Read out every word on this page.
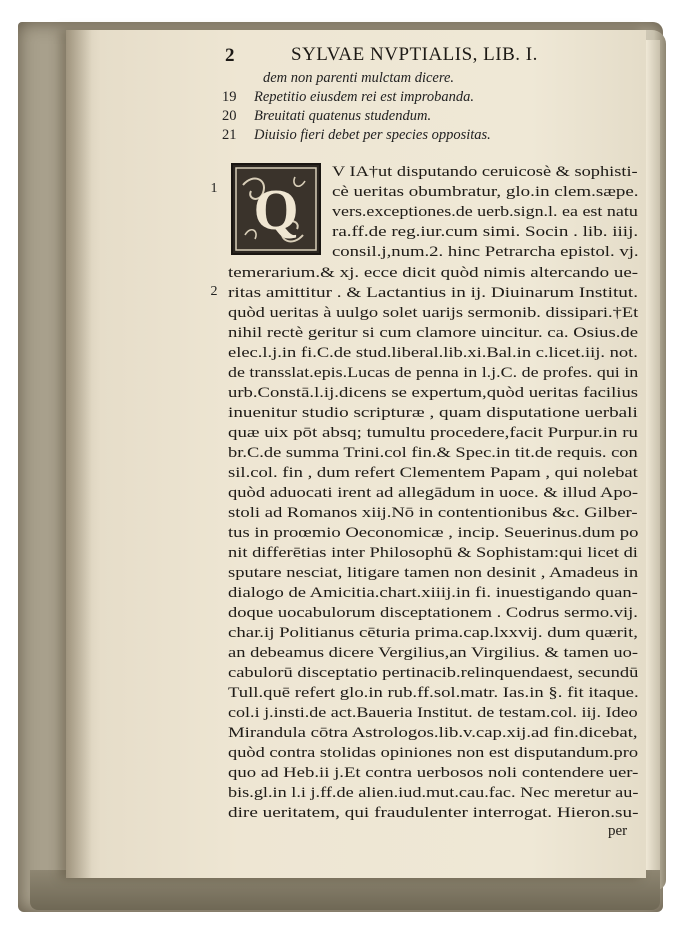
2	SYLVAE NVPTIALIS, LIB. I.
dem non parenti mulctam dicere.
19 Repetitio eiusdem rei est improbanda.
20 Breuitati quatenus studendum.
21 Diuisio fieri debet per species oppositas.
Q
1
2
V IA†ut disputando ceruicosè & sophisti-
cè ueritas obumbratur, glo.in clem.sæpe.
vers.exceptiones.de uerb.sign.l. ea est natu
ra.ff.de reg.iur.cum simi. Socin . lib. iiij.
consil.j,num.2. hinc Petrarcha epistol. vj.
temerarium.& xj. ecce dicit quòd nimis altercando ue-
ritas amittitur . & Lactantius in ij. Diuinarum Institut.
quòd ueritas à uulgo solet uarijs sermonib. dissipari.†Et
nihil rectè geritur si cum clamore uincitur. ca. Osius.de
elec.l.j.in fi.C.de stud.liberal.lib.xi.Bal.in c.licet.iij. not.
de transslat.epis.Lucas de penna in l.j.C. de profes. qui in
urb.Constā.l.ij.dicens se expertum,quòd ueritas facilius
inuenitur studio scripturæ , quam disputatione uerbali
quæ uix pōt absq; tumultu procedere,facit Purpur.in ru
br.C.de summa Trini.col fin.& Spec.in tit.de requis. con
sil.col. fin , dum refert Clementem Papam , qui nolebat
quòd aduocati irent ad allegādum in uoce. & illud Apo-
stoli ad Romanos xiij.Nō in contentionibus &c. Gilber-
tus in proœmio Oeconomicæ , incip. Seuerinus.dum po
nit differētias inter Philosophū & Sophistam:qui licet di
sputare nesciat, litigare tamen non desinit , Amadeus in
dialogo de Amicitia.chart.xiiij.in fi. inuestigando quan-
doque uocabulorum disceptationem . Codrus sermo.vij.
char.ij Politianus cēturia prima.cap.lxxvij. dum quærit,
an debeamus dicere Vergilius,an Virgilius. & tamen uo-
cabulorū disceptatio pertinacib.relinquendaest, secundū
Tull.quē refert glo.in rub.ff.sol.matr. Ias.in §. fit itaque.
col.i j.insti.de act.Baueria Institut. de testam.col. iij. Ideo
Mirandula cōtra Astrologos.lib.v.cap.xij.ad fin.dicebat,
quòd contra stolidas opiniones non est disputandum.pro
quo ad Heb.ii j.Et contra uerbosos noli contendere uer-
bis.gl.in l.i j.ff.de alien.iud.mut.cau.fac. Nec meretur au-
dire ueritatem, qui fraudulenter interrogat. Hieron.su-
per
